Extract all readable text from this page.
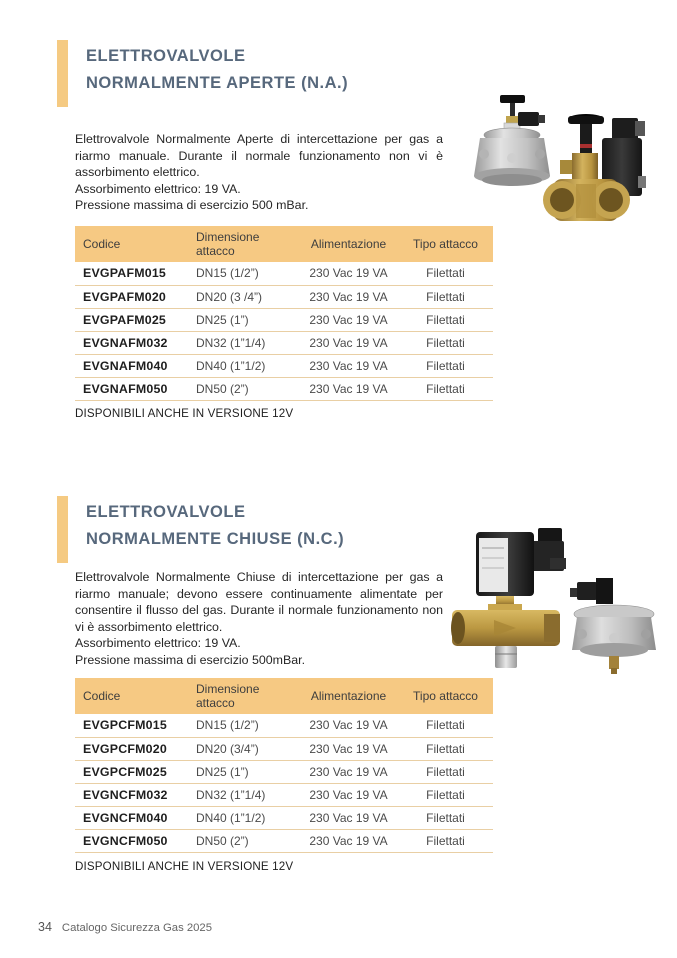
ELETTROVALVOLE
NORMALMENTE APERTE (N.A.)
Elettrovalvole Normalmente Aperte di intercettazione per gas a riarmo manuale. Durante il normale funzionamento non vi è assorbimento elettrico.
Assorbimento elettrico: 19 VA.
Pressione massima di esercizio 500 mBar.
Codice	Dimensione attacco	Alimentazione	Tipo attacco
EVGPAFM015	DN15 (1/2”)	230 Vac 19 VA	Filettati
EVGPAFM020	DN20 (3 /4”)	230 Vac 19 VA	Filettati
EVGPAFM025	DN25 (1”)	230 Vac 19 VA	Filettati
EVGNAFM032	DN32 (1”1/4)	230 Vac 19 VA	Filettati
EVGNAFM040	DN40 (1”1/2)	230 Vac 19 VA	Filettati
EVGNAFM050	DN50 (2”)	230 Vac 19 VA	Filettati
DISPONIBILI ANCHE IN VERSIONE 12V
ELETTROVALVOLE
NORMALMENTE CHIUSE (N.C.)
Elettrovalvole Normalmente Chiuse di intercettazione per gas a riarmo manuale; devono essere continuamente alimentate per consentire il flusso del gas. Durante il normale funzionamento non vi è assorbimento elettrico.
Assorbimento elettrico: 19 VA.
Pressione massima di esercizio 500mBar.
Codice	Dimensione attacco	Alimentazione	Tipo attacco
EVGPCFM015	DN15 (1/2”)	230 Vac 19 VA	Filettati
EVGPCFM020	DN20 (3/4”)	230 Vac 19 VA	Filettati
EVGPCFM025	DN25 (1”)	230 Vac 19 VA	Filettati
EVGNCFM032	DN32 (1”1/4)	230 Vac 19 VA	Filettati
EVGNCFM040	DN40 (1”1/2)	230 Vac 19 VA	Filettati
EVGNCFM050	DN50 (2”)	230 Vac 19 VA	Filettati
DISPONIBILI ANCHE IN VERSIONE 12V
34 Catalogo Sicurezza Gas 2025
